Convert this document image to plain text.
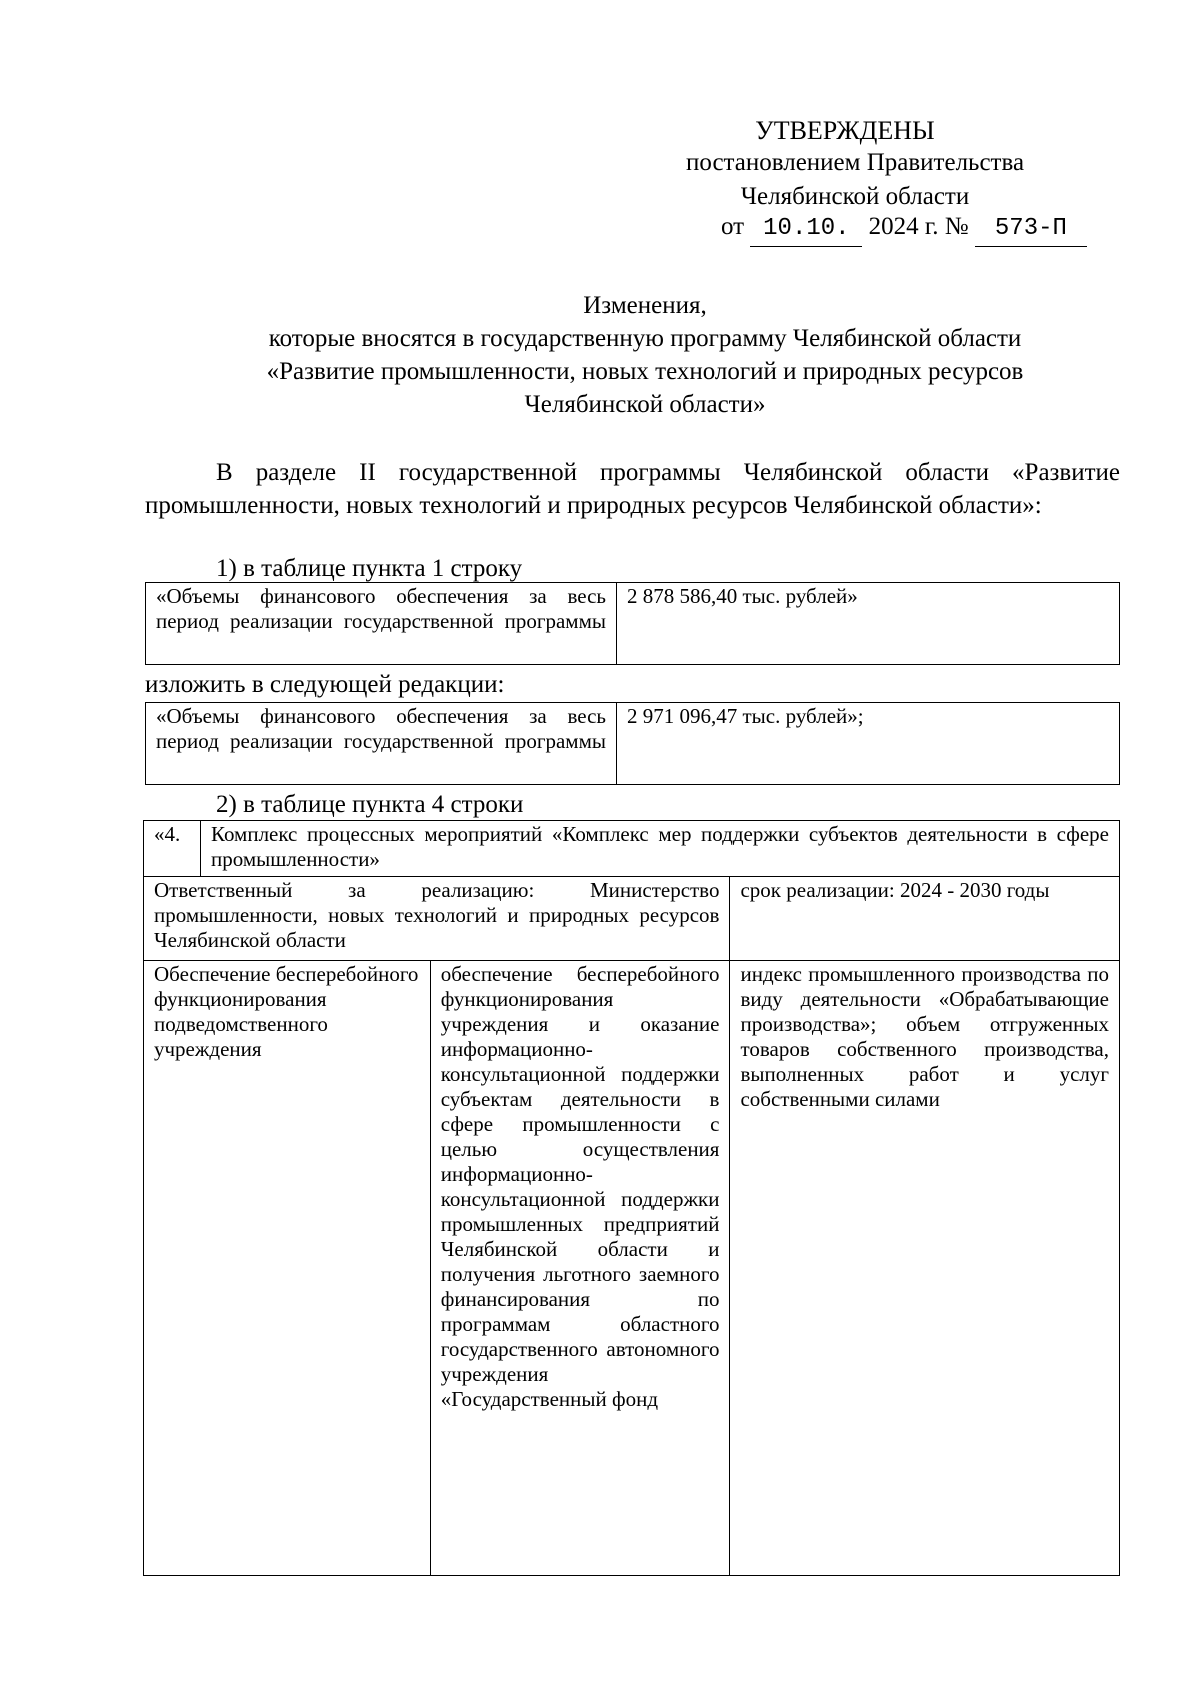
УТВЕРЖДЕНЫ
постановлением Правительства
Челябинской области
от 10.10. 2024 г. № 573-П
Изменения,
которые вносятся в государственную программу Челябинской области
«Развитие промышленности, новых технологий и природных ресурсов
Челябинской области»
В разделе II государственной программы Челябинской области «Развитие промышленности, новых технологий и природных ресурсов Челябинской области»:
1) в таблице пункта 1 строку
«Объемы финансового обеспечения за весь период реализации государственной программы	2 878 586,40 тыс. рублей»
изложить в следующей редакции:
«Объемы финансового обеспечения за весь период реализации государственной программы	2 971 096,47 тыс. рублей»;
2) в таблице пункта 4 строки
«4.	Комплекс процессных мероприятий «Комплекс мер поддержки субъектов деятельности в сфере промышленности»		
Ответственный за реализацию: Министерство промышленности, новых технологий и природных ресурсов Челябинской области			срок реализации: 2024 - 2030 годы
Обеспечение бесперебойного функционирования подведомственного учреждения		обеспечение бесперебойного функционирования учреждения и оказание информационно-консультационной поддержки субъектам деятельности в сфере промышленности с целью осуществления информационно-консультационной поддержки промышленных предприятий Челябинской области и получения льготного заемного финансирования по программам областного государственного автономного учреждения «Государственный фонд	индекс промышленного производства по виду деятельности «Обрабатывающие производства»; объем отгруженных товаров собственного производства, выполненных работ и услуг собственными силами
